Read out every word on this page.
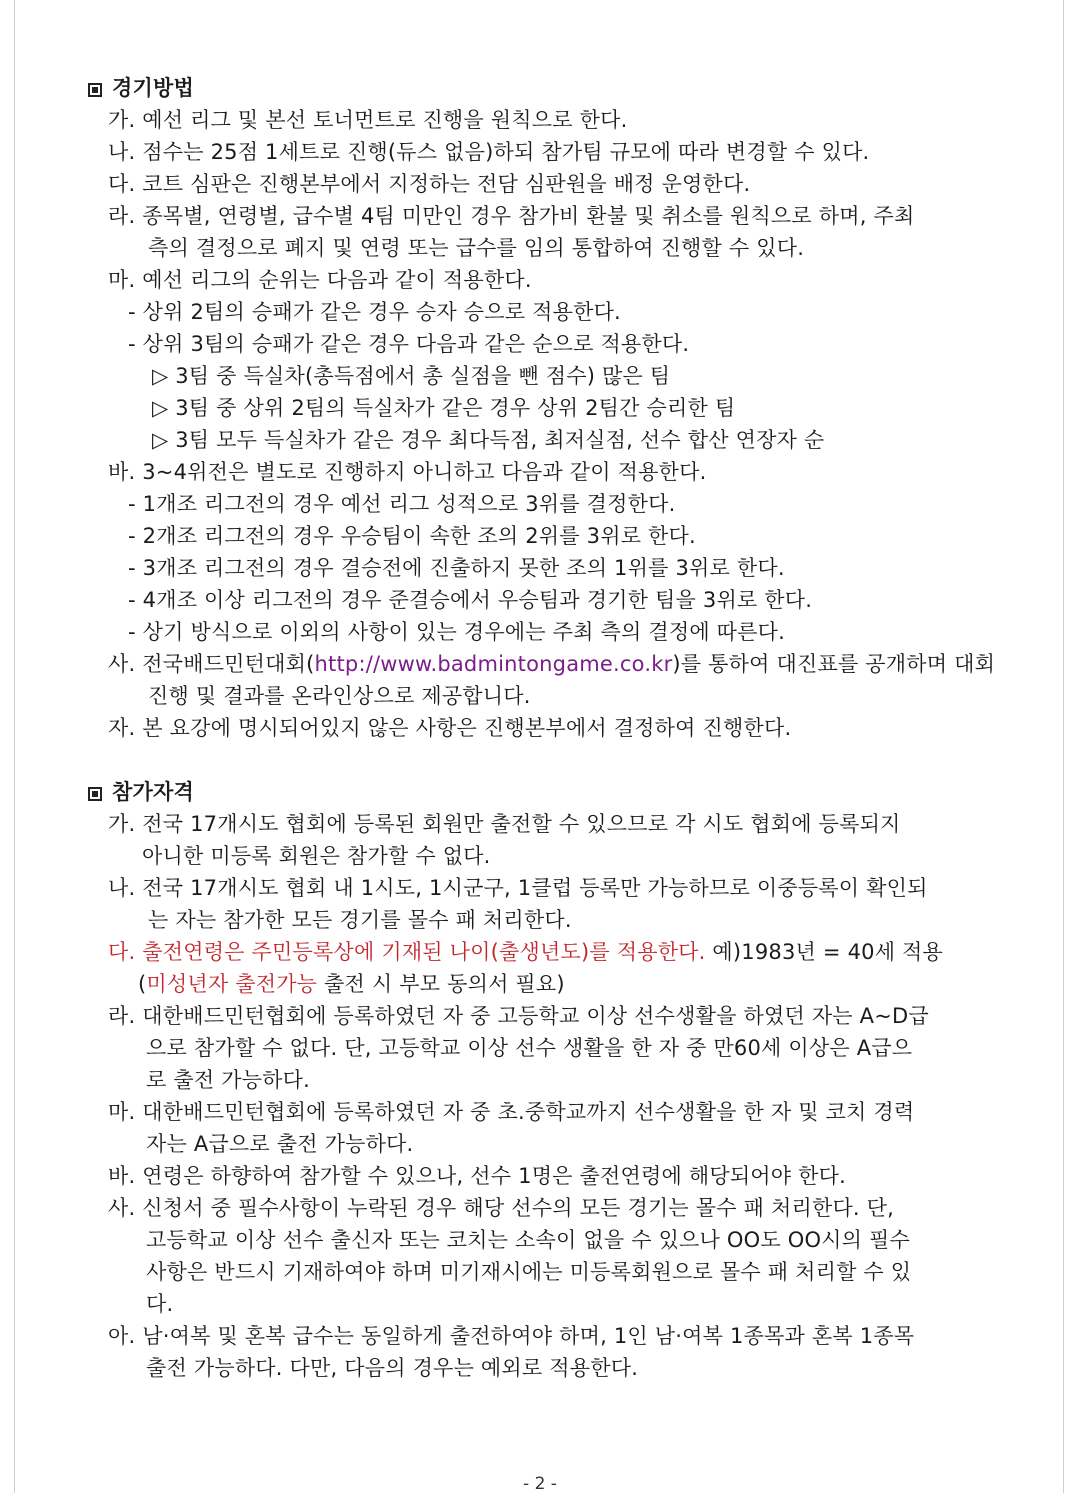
경기방법
가. 예선 리그 및 본선 토너먼트로 진행을 원칙으로 한다.
나. 점수는 25점 1세트로 진행(듀스 없음)하되 참가팀 규모에 따라 변경할 수 있다.
다. 코트 심판은 진행본부에서 지정하는 전담 심판원을 배정 운영한다.
라. 종목별, 연령별, 급수별 4팀 미만인 경우 참가비 환불 및 취소를 원칙으로 하며, 주최
측의 결정으로 폐지 및 연령 또는 급수를 임의 통합하여 진행할 수 있다.
마. 예선 리그의 순위는 다음과 같이 적용한다.
- 상위 2팀의 승패가 같은 경우 승자 승으로 적용한다.
- 상위 3팀의 승패가 같은 경우 다음과 같은 순으로 적용한다.
▷ 3팀 중 득실차(총득점에서 총 실점을 뺀 점수) 많은 팀
▷ 3팀 중 상위 2팀의 득실차가 같은 경우 상위 2팀간 승리한 팀
▷ 3팀 모두 득실차가 같은 경우 최다득점, 최저실점, 선수 합산 연장자 순
바. 3~4위전은 별도로 진행하지 아니하고 다음과 같이 적용한다.
- 1개조 리그전의 경우 예선 리그 성적으로 3위를 결정한다.
- 2개조 리그전의 경우 우승팀이 속한 조의 2위를 3위로 한다.
- 3개조 리그전의 경우 결승전에 진출하지 못한 조의 1위를 3위로 한다.
- 4개조 이상 리그전의 경우 준결승에서 우승팀과 경기한 팀을 3위로 한다.
- 상기 방식으로 이외의 사항이 있는 경우에는 주최 측의 결정에 따른다.
사. 전국배드민턴대회(http://www.badmintongame.co.kr)를 통하여 대진표를 공개하며 대회
진행 및 결과를 온라인상으로 제공합니다.
자. 본 요강에 명시되어있지 않은 사항은 진행본부에서 결정하여 진행한다.
참가자격
가. 전국 17개시도 협회에 등록된 회원만 출전할 수 있으므로 각 시도 협회에 등록되지
아니한 미등록 회원은 참가할 수 없다.
나. 전국 17개시도 협회 내 1시도, 1시군구, 1클럽 등록만 가능하므로 이중등록이 확인되
는 자는 참가한 모든 경기를 몰수 패 처리한다.
다. 출전연령은 주민등록상에 기재된 나이(출생년도)를 적용한다. 예)1983년 = 40세 적용
(미성년자 출전가능 출전 시 부모 동의서 필요)
라. 대한배드민턴협회에 등록하였던 자 중 고등학교 이상 선수생활을 하였던 자는 A~D급
으로 참가할 수 없다. 단, 고등학교 이상 선수 생활을 한 자 중 만60세 이상은 A급으
로 출전 가능하다.
마. 대한배드민턴협회에 등록하였던 자 중 초.중학교까지 선수생활을 한 자 및 코치 경력
자는 A급으로 출전 가능하다.
바. 연령은 하향하여 참가할 수 있으나, 선수 1명은 출전연령에 해당되어야 한다.
사. 신청서 중 필수사항이 누락된 경우 해당 선수의 모든 경기는 몰수 패 처리한다. 단,
고등학교 이상 선수 출신자 또는 코치는 소속이 없을 수 있으나 OO도 OO시의 필수
사항은 반드시 기재하여야 하며 미기재시에는 미등록회원으로 몰수 패 처리할 수 있
다.
아. 남·여복 및 혼복 급수는 동일하게 출전하여야 하며, 1인 남·여복 1종목과 혼복 1종목
출전 가능하다. 다만, 다음의 경우는 예외로 적용한다.
- 2 -
